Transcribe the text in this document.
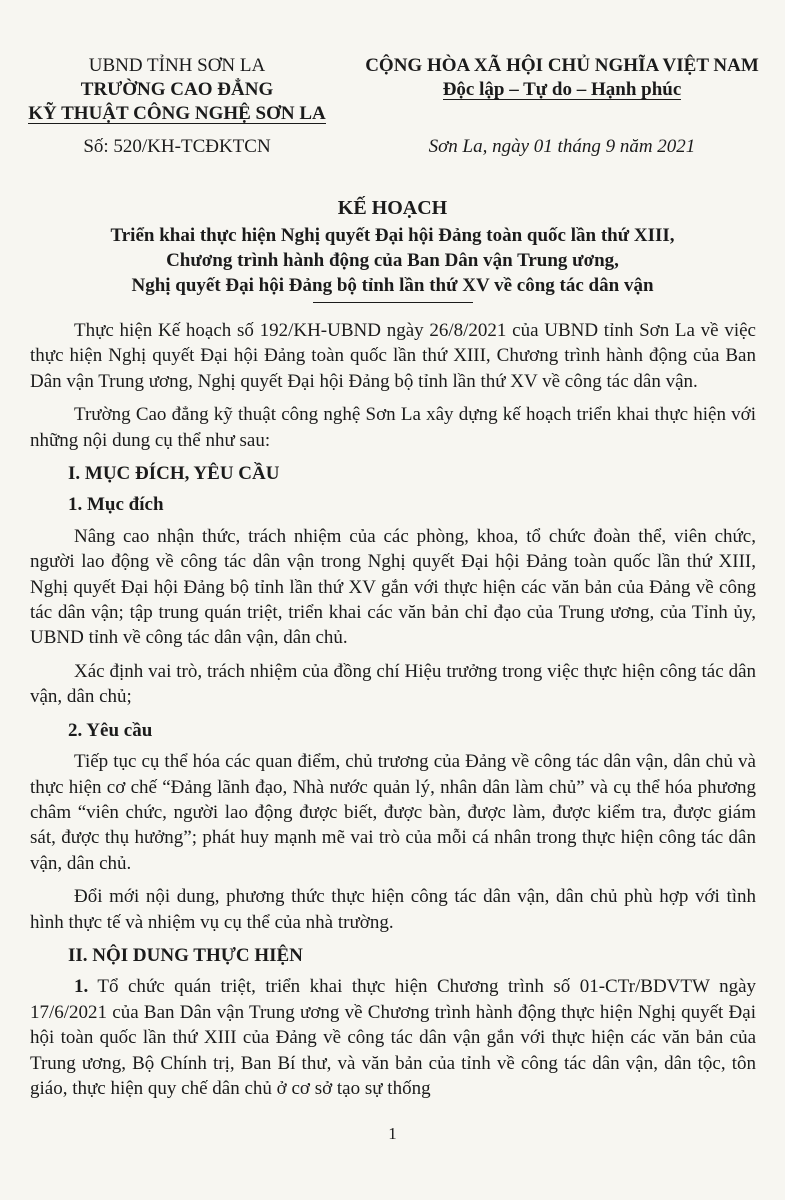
UBND TỈNH SƠN LA
TRƯỜNG CAO ĐẲNG
KỸ THUẬT CÔNG NGHỆ SƠN LA
CỘNG HÒA XÃ HỘI CHỦ NGHĨA VIỆT NAM
Độc lập – Tự do – Hạnh phúc
Số: 520/KH-TCĐKTCN	Sơn La, ngày 01 tháng 9 năm 2021
KẾ HOẠCH
Triển khai thực hiện Nghị quyết Đại hội Đảng toàn quốc lần thứ XIII,
Chương trình hành động của Ban Dân vận Trung ương,
Nghị quyết Đại hội Đảng bộ tỉnh lần thứ XV về công tác dân vận

Thực hiện Kế hoạch số 192/KH-UBND ngày 26/8/2021 của UBND tỉnh Sơn La về việc thực hiện Nghị quyết Đại hội Đảng toàn quốc lần thứ XIII, Chương trình hành động của Ban Dân vận Trung ương, Nghị quyết Đại hội Đảng bộ tỉnh lần thứ XV về công tác dân vận.

Trường Cao đẳng kỹ thuật công nghệ Sơn La xây dựng kế hoạch triển khai thực hiện với những nội dung cụ thể như sau:

I. MỤC ĐÍCH, YÊU CẦU
1. Mục đích

Nâng cao nhận thức, trách nhiệm của các phòng, khoa, tổ chức đoàn thể, viên chức, người lao động về công tác dân vận trong Nghị quyết Đại hội Đảng toàn quốc lần thứ XIII, Nghị quyết Đại hội Đảng bộ tỉnh lần thứ XV gắn với thực hiện các văn bản của Đảng về công tác dân vận; tập trung quán triệt, triển khai các văn bản chỉ đạo của Trung ương, của Tỉnh ủy, UBND tỉnh về công tác dân vận, dân chủ.

Xác định vai trò, trách nhiệm của đồng chí Hiệu trưởng trong việc thực hiện công tác dân vận, dân chủ;

2. Yêu cầu

Tiếp tục cụ thể hóa các quan điểm, chủ trương của Đảng về công tác dân vận, dân chủ và thực hiện cơ chế “Đảng lãnh đạo, Nhà nước quản lý, nhân dân làm chủ” và cụ thể hóa phương châm “viên chức, người lao động được biết, được bàn, được làm, được kiểm tra, được giám sát, được thụ hưởng”; phát huy mạnh mẽ vai trò của mỗi cá nhân trong thực hiện công tác dân vận, dân chủ.

Đổi mới nội dung, phương thức thực hiện công tác dân vận, dân chủ phù hợp với tình hình thực tế và nhiệm vụ cụ thể của nhà trường.

II. NỘI DUNG THỰC HIỆN

1. Tổ chức quán triệt, triển khai thực hiện Chương trình số 01-CTr/BDVTW ngày 17/6/2021 của Ban Dân vận Trung ương về Chương trình hành động thực hiện Nghị quyết Đại hội toàn quốc lần thứ XIII của Đảng về công tác dân vận gắn với thực hiện các văn bản của Trung ương, Bộ Chính trị, Ban Bí thư, và văn bản của tỉnh về công tác dân vận, dân tộc, tôn giáo, thực hiện quy chế dân chủ ở cơ sở tạo sự thống

1
